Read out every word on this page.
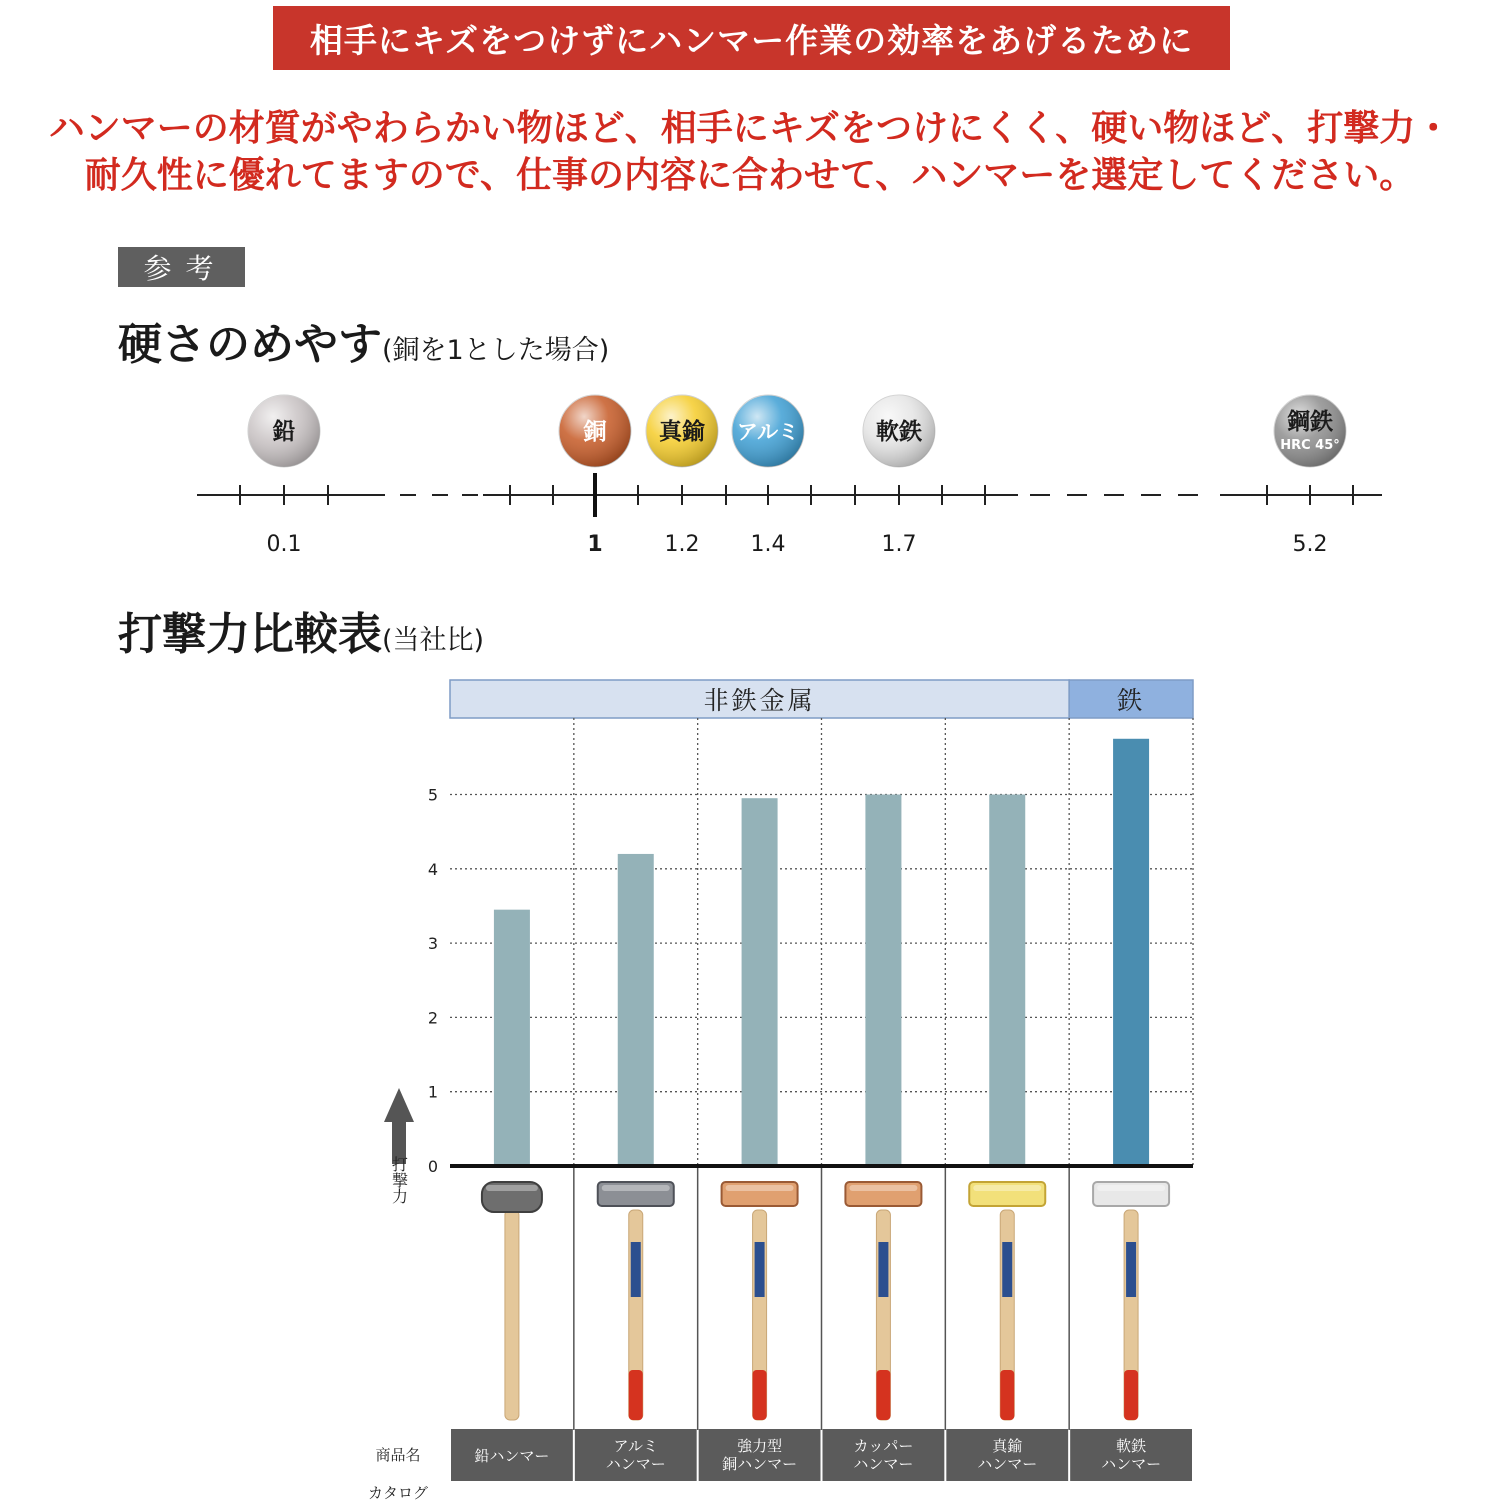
相手にキズをつけずにハンマー作業の効率をあげるために
ハンマーの材質がやわらかい物ほど、相手にキズをつけにくく、硬い物ほど、打撃力・
耐久性に優れてますので、仕事の内容に合わせて、ハンマーを選定してください。
参考
硬さのめやす(銅を1とした場合)
鉛
0.1
銅
1
真鍮
1.2
アルミ
1.4
軟鉄
1.7
鋼鉄
HRC 45°
5.2
打撃力比較表(当社比)
非鉄金属	鉄
0
1
2
3
4
5
打撃力
商品名
カタログ
鉛ハンマー
アルミハンマー
強力型銅ハンマー
カッパーハンマー
真鍮ハンマー
軟鉄ハンマー
